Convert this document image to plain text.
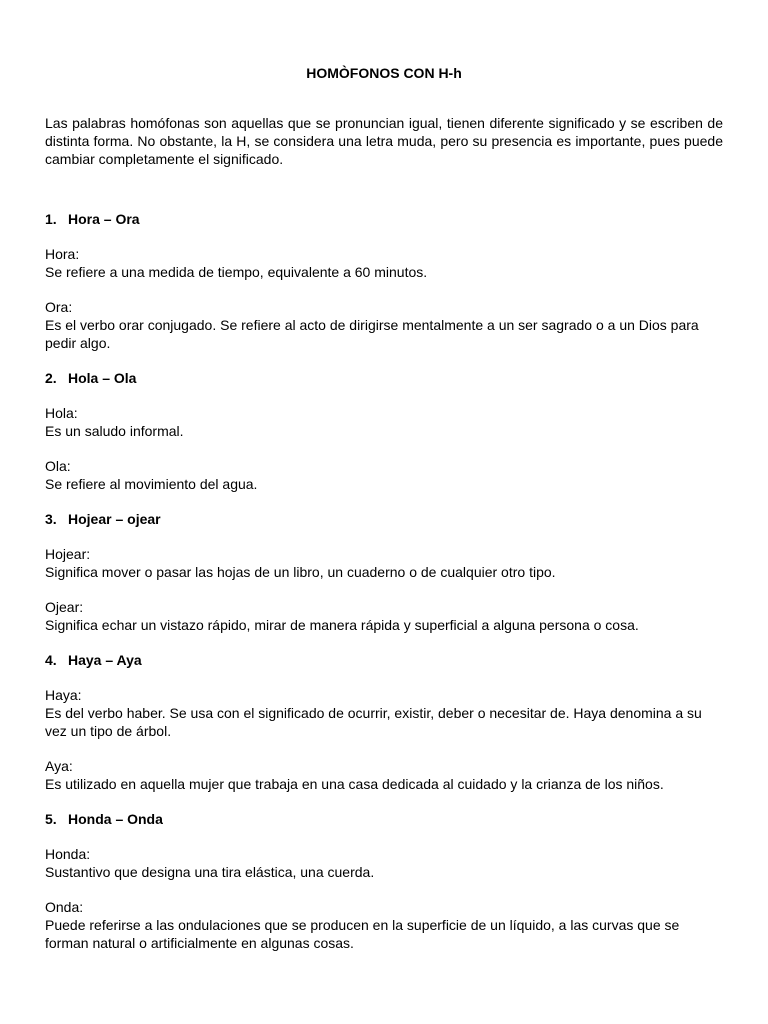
HOMÒFONOS CON H-h
Las palabras homófonas son aquellas que se pronuncian igual, tienen diferente significado y se escriben de distinta forma. No obstante, la H, se considera una letra muda, pero su presencia es importante, pues puede cambiar completamente el significado.
1. Hora – Ora
Hora:
Se refiere a una medida de tiempo, equivalente a 60 minutos.
Ora:
Es el verbo orar conjugado. Se refiere al acto de dirigirse mentalmente a un ser sagrado o a un Dios para pedir algo.
2. Hola – Ola
Hola:
Es un saludo informal.
Ola:
Se refiere al movimiento del agua.
3. Hojear – ojear
Hojear:
Significa mover o pasar las hojas de un libro, un cuaderno o de cualquier otro tipo.
Ojear:
Significa echar un vistazo rápido, mirar de manera rápida y superficial a alguna persona o cosa.
4. Haya – Aya
Haya:
Es del verbo haber. Se usa con el significado de ocurrir, existir, deber o necesitar de. Haya denomina a su vez un tipo de árbol.
Aya:
Es utilizado en aquella mujer que trabaja en una casa dedicada al cuidado y la crianza de los niños.
5. Honda – Onda
Honda:
Sustantivo que designa una tira elástica, una cuerda.
Onda:
Puede referirse a las ondulaciones que se producen en la superficie de un líquido, a las curvas que se forman natural o artificialmente en algunas cosas.
